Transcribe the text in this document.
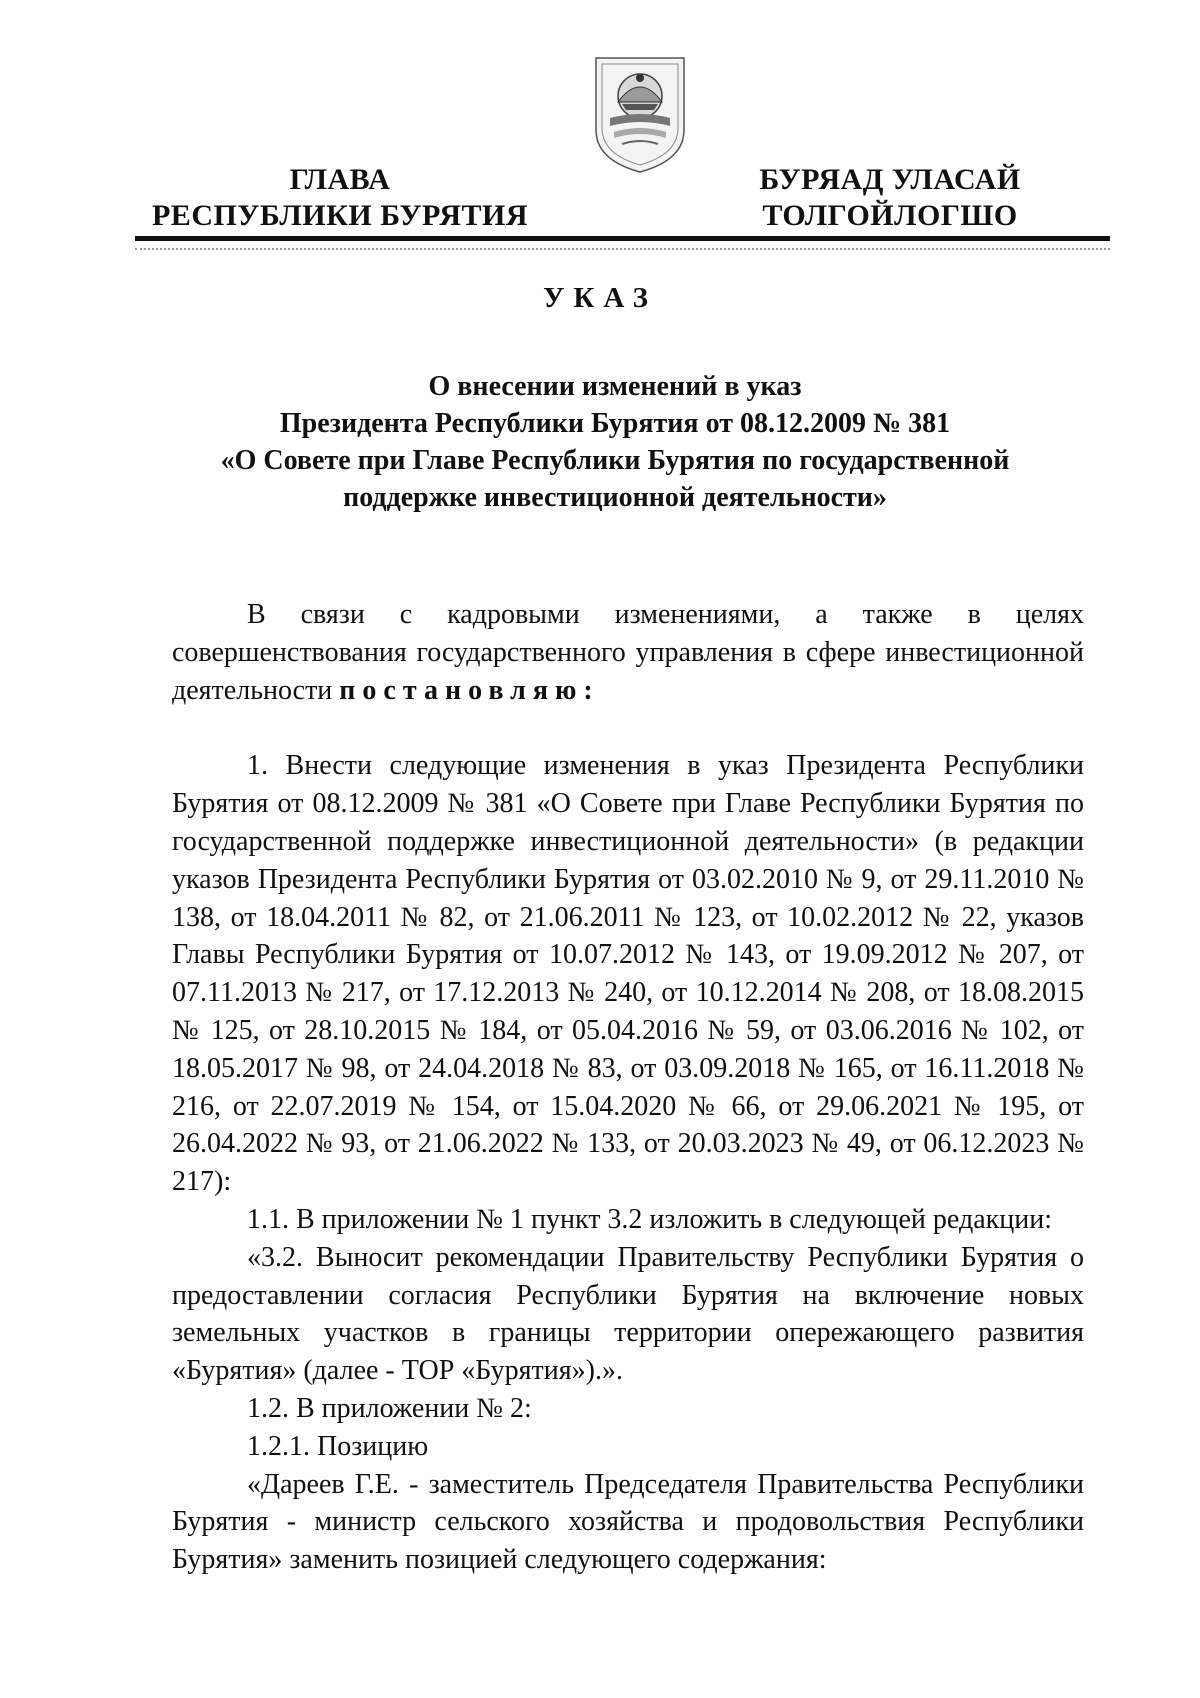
ГЛАВА
РЕСПУБЛИКИ БУРЯТИЯ
БУРЯАД УЛАСАЙ
ТОЛГОЙЛОГШО
УКАЗ
О внесении изменений в указ
Президента Республики Бурятия от 08.12.2009 № 381
«О Совете при Главе Республики Бурятия по государственной
поддержке инвестиционной деятельности»

В связи с кадровыми изменениями, а также в целях совершенствования государственного управления в сфере инвестиционной деятельности постановляю:

1. Внести следующие изменения в указ Президента Республики Бурятия от 08.12.2009 № 381 «О Совете при Главе Республики Бурятия по государственной поддержке инвестиционной деятельности» (в редакции указов Президента Республики Бурятия от 03.02.2010 № 9, от 29.11.2010 № 138, от 18.04.2011 № 82, от 21.06.2011 № 123, от 10.02.2012 № 22, указов Главы Республики Бурятия от 10.07.2012 № 143, от 19.09.2012 № 207, от 07.11.2013 № 217, от 17.12.2013 № 240, от 10.12.2014 № 208, от 18.08.2015 № 125, от 28.10.2015 № 184, от 05.04.2016 № 59, от 03.06.2016 № 102, от 18.05.2017 № 98, от 24.04.2018 № 83, от 03.09.2018 № 165, от 16.11.2018 № 216, от 22.07.2019 № 154, от 15.04.2020 № 66, от 29.06.2021 № 195, от 26.04.2022 № 93, от 21.06.2022 № 133, от 20.03.2023 № 49, от 06.12.2023 № 217):

1.1. В приложении № 1 пункт 3.2 изложить в следующей редакции:

«3.2. Выносит рекомендации Правительству Республики Бурятия о предоставлении согласия Республики Бурятия на включение новых земельных участков в границы территории опережающего развития «Бурятия» (далее - ТОР «Бурятия»).».

1.2. В приложении № 2:

1.2.1. Позицию

«Дареев Г.Е. - заместитель Председателя Правительства Республики Бурятия - министр сельского хозяйства и продовольствия Республики Бурятия» заменить позицией следующего содержания:
